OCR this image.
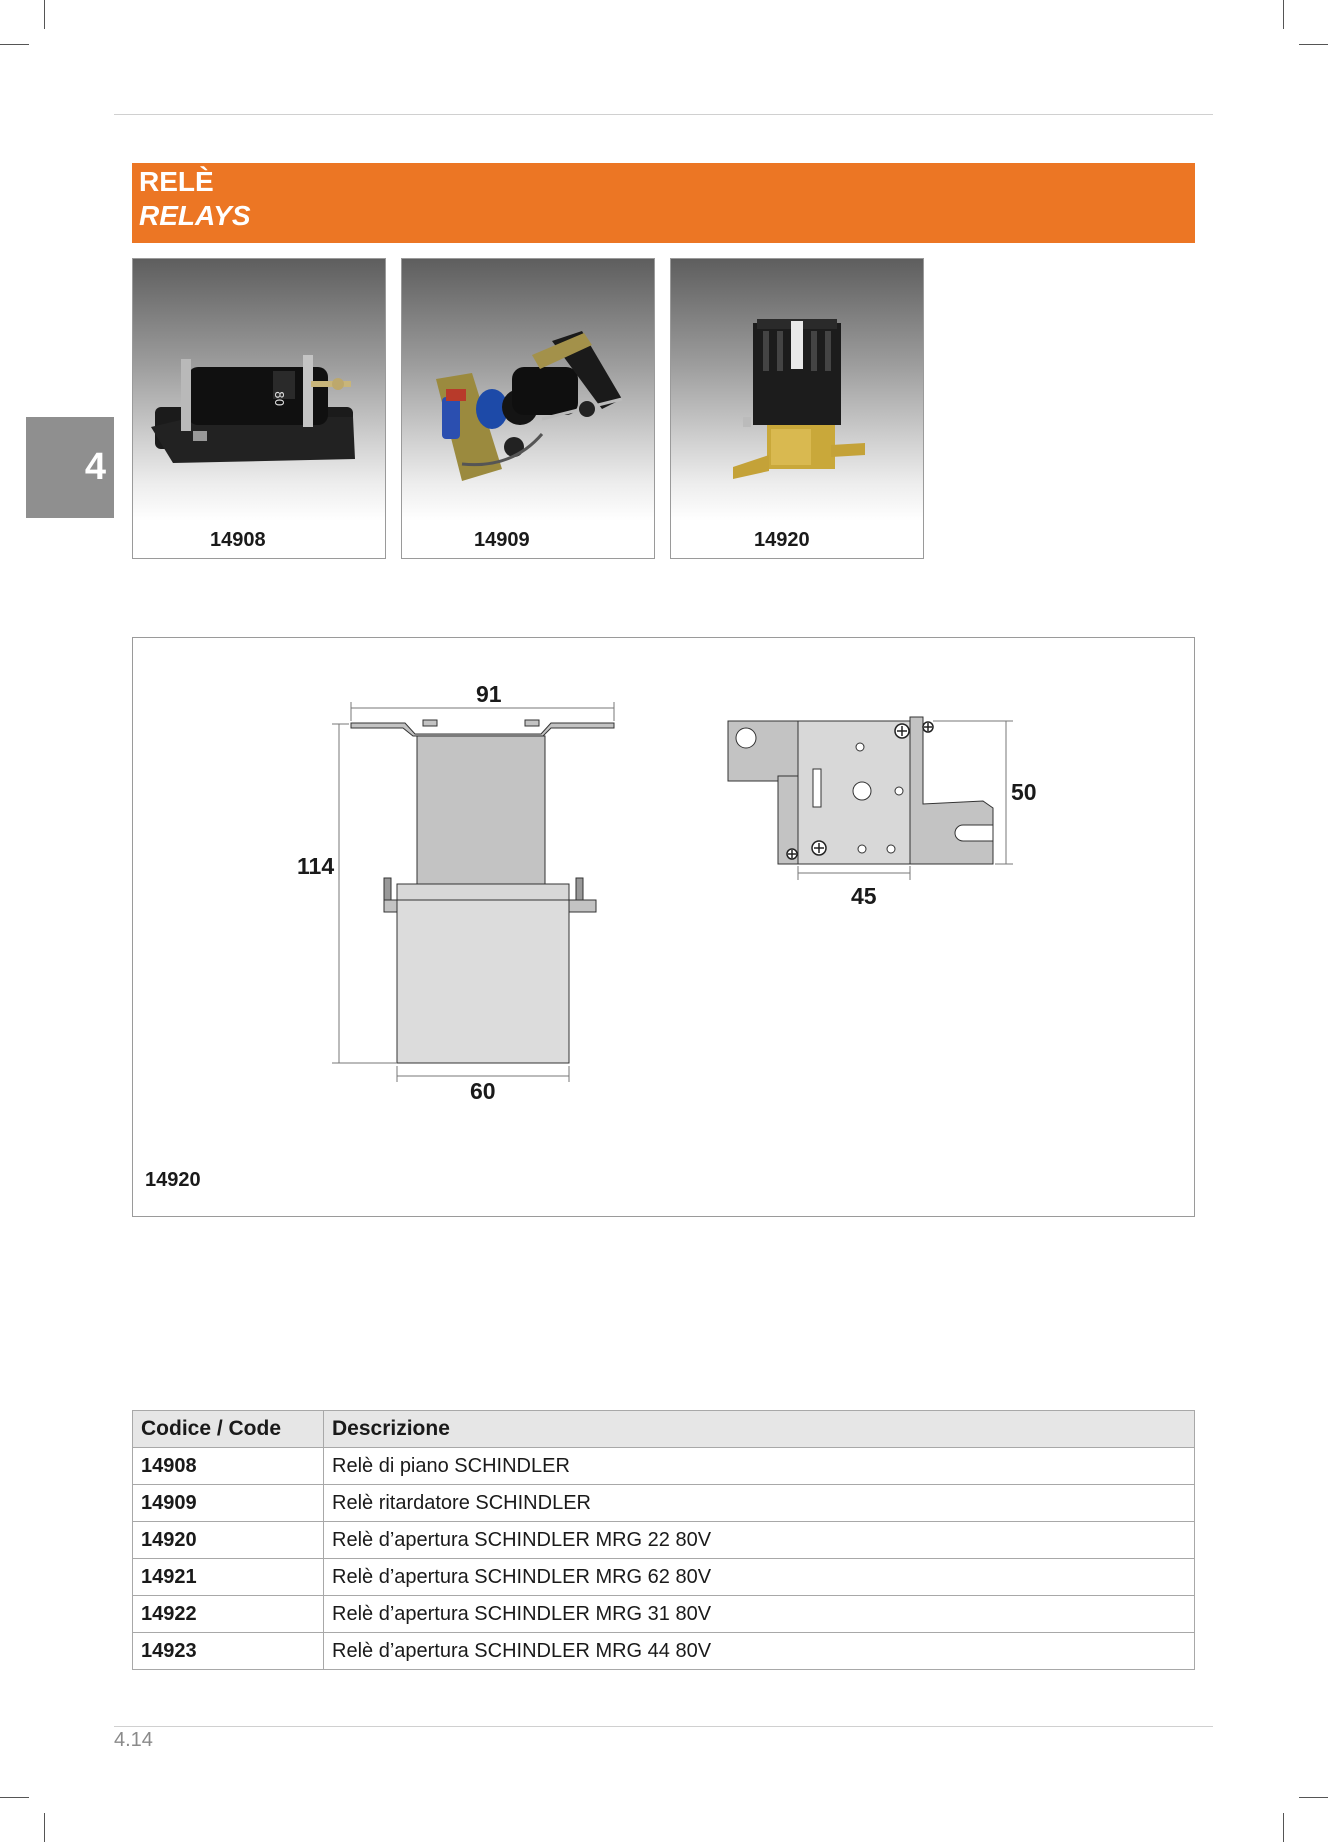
4
RELÈ
RELAYS
80
14908	14909	14920
91
114
60
50
45
14920
Codice / Code	Descrizione
14908	Relè di piano SCHINDLER
14909	Relè ritardatore SCHINDLER
14920	Relè d’apertura SCHINDLER MRG 22 80V
14921	Relè d’apertura SCHINDLER MRG 62 80V
14922	Relè d’apertura SCHINDLER MRG 31 80V
14923	Relè d’apertura SCHINDLER MRG 44 80V
4.14
